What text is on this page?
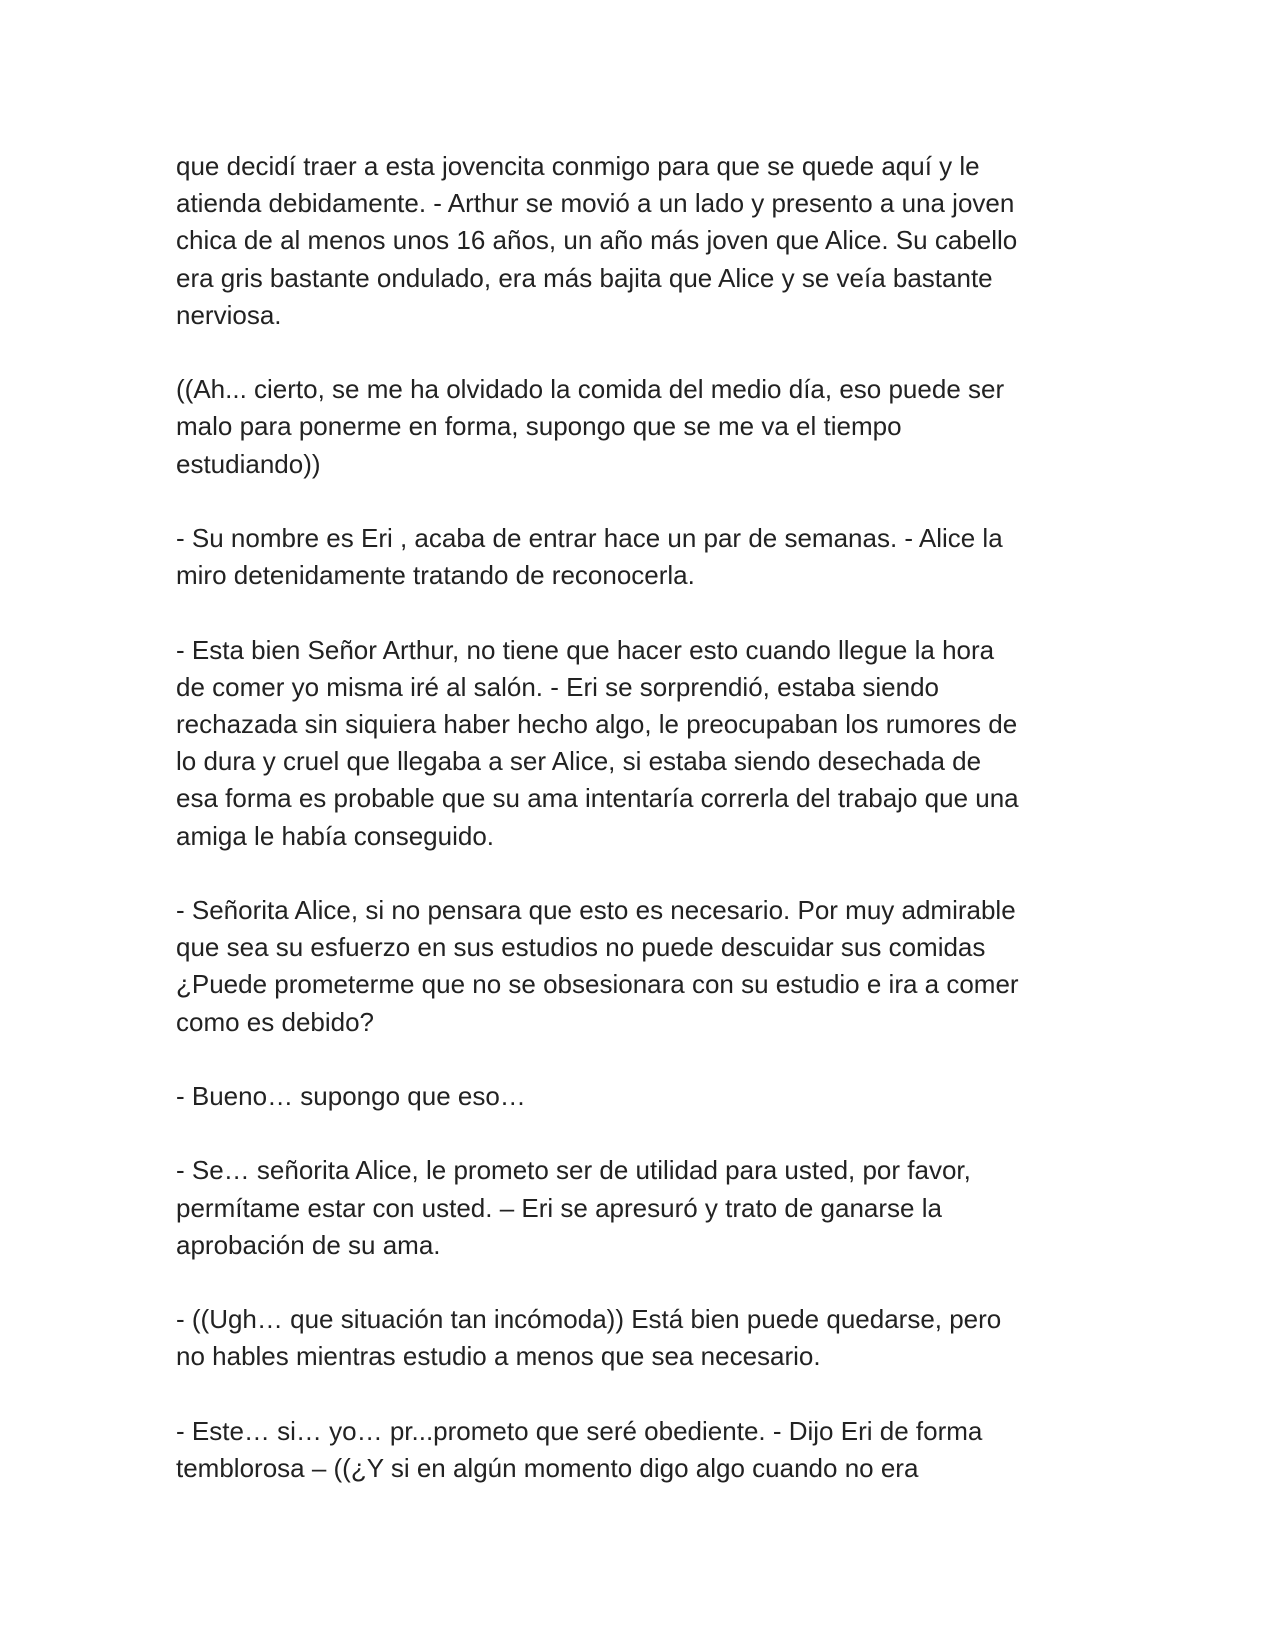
que decidí traer a esta jovencita conmigo para que se quede aquí y le
atienda debidamente. - Arthur se movió a un lado y presento a una joven
chica de al menos unos 16 años, un año más joven que Alice. Su cabello
era gris bastante ondulado, era más bajita que Alice y se veía bastante
nerviosa.
((Ah... cierto, se me ha olvidado la comida del medio día, eso puede ser
malo para ponerme en forma, supongo que se me va el tiempo
estudiando))
- Su nombre es Eri , acaba de entrar hace un par de semanas. - Alice la
miro detenidamente tratando de reconocerla.
- Esta bien Señor Arthur, no tiene que hacer esto cuando llegue la hora
de comer yo misma iré al salón. - Eri se sorprendió, estaba siendo
rechazada sin siquiera haber hecho algo, le preocupaban los rumores de
lo dura y cruel que llegaba a ser Alice, si estaba siendo desechada de
esa forma es probable que su ama intentaría correrla del trabajo que una
amiga le había conseguido.
- Señorita Alice, si no pensara que esto es necesario. Por muy admirable
que sea su esfuerzo en sus estudios no puede descuidar sus comidas
¿Puede prometerme que no se obsesionara con su estudio e ira a comer
como es debido?
- Bueno… supongo que eso…
- Se… señorita Alice, le prometo ser de utilidad para usted, por favor,
permítame estar con usted. – Eri se apresuró y trato de ganarse la
aprobación de su ama.
- ((Ugh… que situación tan incómoda)) Está bien puede quedarse, pero
no hables mientras estudio a menos que sea necesario.
- Este… si… yo… pr...prometo que seré obediente. - Dijo Eri de forma
temblorosa – ((¿Y si en algún momento digo algo cuando no era
